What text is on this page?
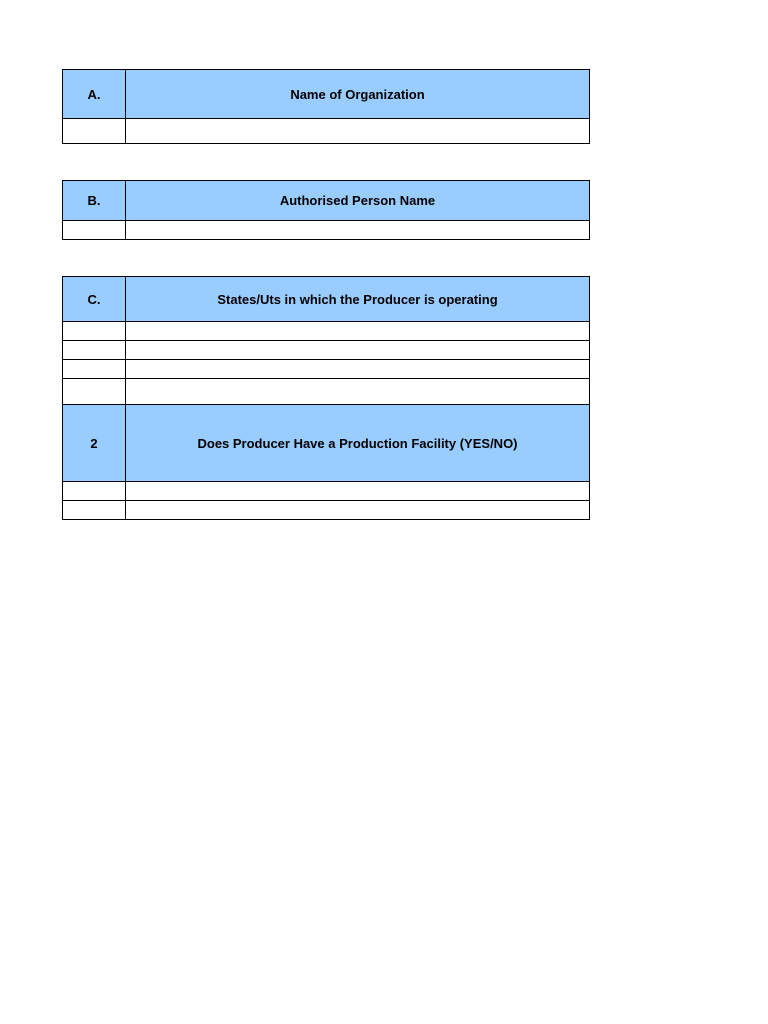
A.	Name of Organization

B.	Authorised Person Name

C.	States/Uts in which the Producer is operating

2	Does Producer Have a Production Facility (YES/NO)
